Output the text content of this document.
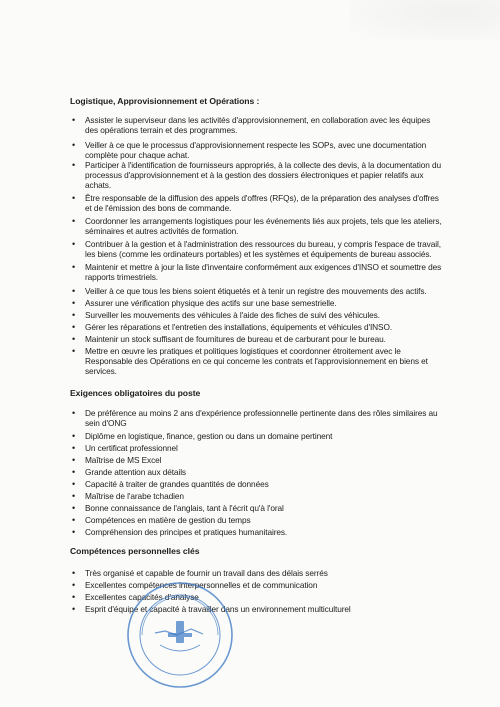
Logistique, Approvisionnement et Opérations :
• Assister le superviseur dans les activités d'approvisionnement, en collaboration avec les équipes des opérations terrain et des programmes.
• Veiller à ce que le processus d'approvisionnement respecte les SOPs, avec une documentation complète pour chaque achat.
• Participer à l'identification de fournisseurs appropriés, à la collecte des devis, à la documentation du processus d'approvisionnement et à la gestion des dossiers électroniques et papier relatifs aux achats.
• Être responsable de la diffusion des appels d'offres (RFQs), de la préparation des analyses d'offres et de l'émission des bons de commande.
• Coordonner les arrangements logistiques pour les événements liés aux projets, tels que les ateliers, séminaires et autres activités de formation.
• Contribuer à la gestion et à l'administration des ressources du bureau, y compris l'espace de travail, les biens (comme les ordinateurs portables) et les systèmes et équipements de bureau associés.
• Maintenir et mettre à jour la liste d'inventaire conformément aux exigences d'INSO et soumettre des rapports trimestriels.
• Veiller à ce que tous les biens soient étiquetés et à tenir un registre des mouvements des actifs.
• Assurer une vérification physique des actifs sur une base semestrielle.
• Surveiller les mouvements des véhicules à l'aide des fiches de suivi des véhicules.
• Gérer les réparations et l'entretien des installations, équipements et véhicules d'INSO.
• Maintenir un stock suffisant de fournitures de bureau et de carburant pour le bureau.
• Mettre en œuvre les pratiques et politiques logistiques et coordonner étroitement avec le Responsable des Opérations en ce qui concerne les contrats et l'approvisionnement en biens et services.
Exigences obligatoires du poste
• De préférence au moins 2 ans d'expérience professionnelle pertinente dans des rôles similaires au sein d'ONG
• Diplôme en logistique, finance, gestion ou dans un domaine pertinent
• Un certificat professionnel
• Maîtrise de MS Excel
• Grande attention aux détails
• Capacité à traiter de grandes quantités de données
• Maîtrise de l'arabe tchadien
• Bonne connaissance de l'anglais, tant à l'écrit qu'à l'oral
• Compétences en matière de gestion du temps
• Compréhension des principes et pratiques humanitaires.
Compétences personnelles clés
• Très organisé et capable de fournir un travail dans des délais serrés
• Excellentes compétences interpersonnelles et de communication
• Excellentes capacités d'analyse
• Esprit d'équipe et capacité à travailler dans un environnement multiculturel
